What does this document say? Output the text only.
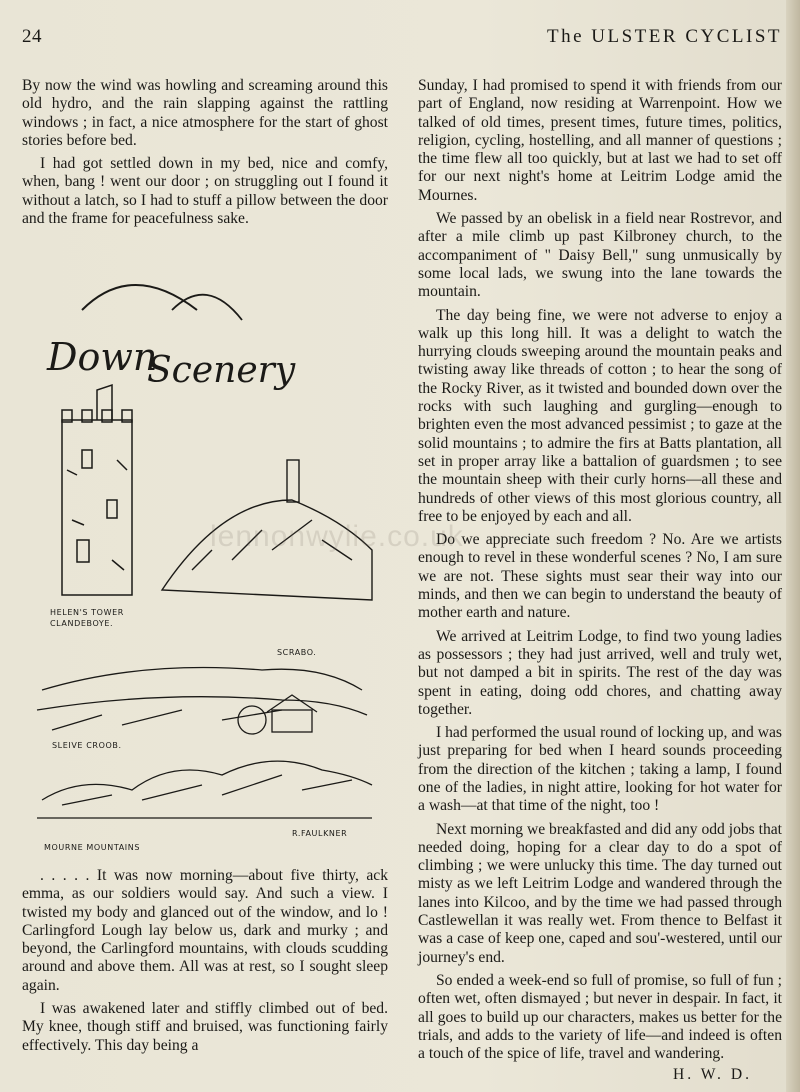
24	The ULSTER CYCLIST

By now the wind was howling and screaming around this old hydro, and the rain slapping against the rattling windows ; in fact, a nice atmosphere for the start of ghost stories before bed.

I had got settled down in my bed, nice and comfy, when, bang ! went our door ; on struggling out I found it without a latch, so I had to stuff a pillow between the door and the frame for peacefulness sake.

Down
Scenery
HELEN'S TOWER
CLANDEBOYE.
SCRABO.
SLEIVE CROOB.
MOURNE MOUNTAINS
R.FAULKNER

. . . . . It was now morning—about five thirty, ack emma, as our soldiers would say. And such a view. I twisted my body and glanced out of the window, and lo ! Carlingford Lough lay below us, dark and murky ; and beyond, the Carlingford mountains, with clouds scudding around and above them. All was at rest, so I sought sleep again.

I was awakened later and stiffly climbed out of bed. My knee, though stiff and bruised, was functioning fairly effectively. This day being a

Sunday, I had promised to spend it with friends from our part of England, now residing at Warrenpoint. How we talked of old times, present times, future times, politics, religion, cycling, hostelling, and all manner of questions ; the time flew all too quickly, but at last we had to set off for our next night's home at Leitrim Lodge amid the Mournes.

We passed by an obelisk in a field near Rostrevor, and after a mile climb up past Kilbroney church, to the accompaniment of " Daisy Bell," sung unmusically by some local lads, we swung into the lane towards the mountain.

The day being fine, we were not adverse to enjoy a walk up this long hill. It was a delight to watch the hurrying clouds sweeping around the mountain peaks and twisting away like threads of cotton ; to hear the song of the Rocky River, as it twisted and bounded down over the rocks with such laughing and gurgling—enough to brighten even the most advanced pessimist ; to gaze at the solid mountains ; to admire the firs at Batts plantation, all set in proper array like a battalion of guardsmen ; to see the mountain sheep with their curly horns—all these and hundreds of other views of this most glorious country, all free to be enjoyed by each and all.

Do we appreciate such freedom ? No. Are we artists enough to revel in these wonderful scenes ? No, I am sure we are not. These sights must sear their way into our minds, and then we can begin to understand the beauty of mother earth and nature.

We arrived at Leitrim Lodge, to find two young ladies as possessors ; they had just arrived, well and truly wet, but not damped a bit in spirits. The rest of the day was spent in eating, doing odd chores, and chatting away together.

I had performed the usual round of locking up, and was just preparing for bed when I heard sounds proceeding from the direction of the kitchen ; taking a lamp, I found one of the ladies, in night attire, looking for hot water for a wash—at that time of the night, too !

Next morning we breakfasted and did any odd jobs that needed doing, hoping for a clear day to do a spot of climbing ; we were unlucky this time. The day turned out misty as we left Leitrim Lodge and wandered through the lanes into Kilcoo, and by the time we had passed through Castlewellan it was really wet. From thence to Belfast it was a case of keep one, caped and sou'-westered, until our journey's end.

So ended a week-end so full of promise, so full of fun ; often wet, often dismayed ; but never in despair. In fact, it all goes to build up our characters, makes us better for the trials, and adds to the variety of life—and indeed is often a touch of the spice of life, travel and wandering.

H. W. D.
lennonwylie.co.uk
